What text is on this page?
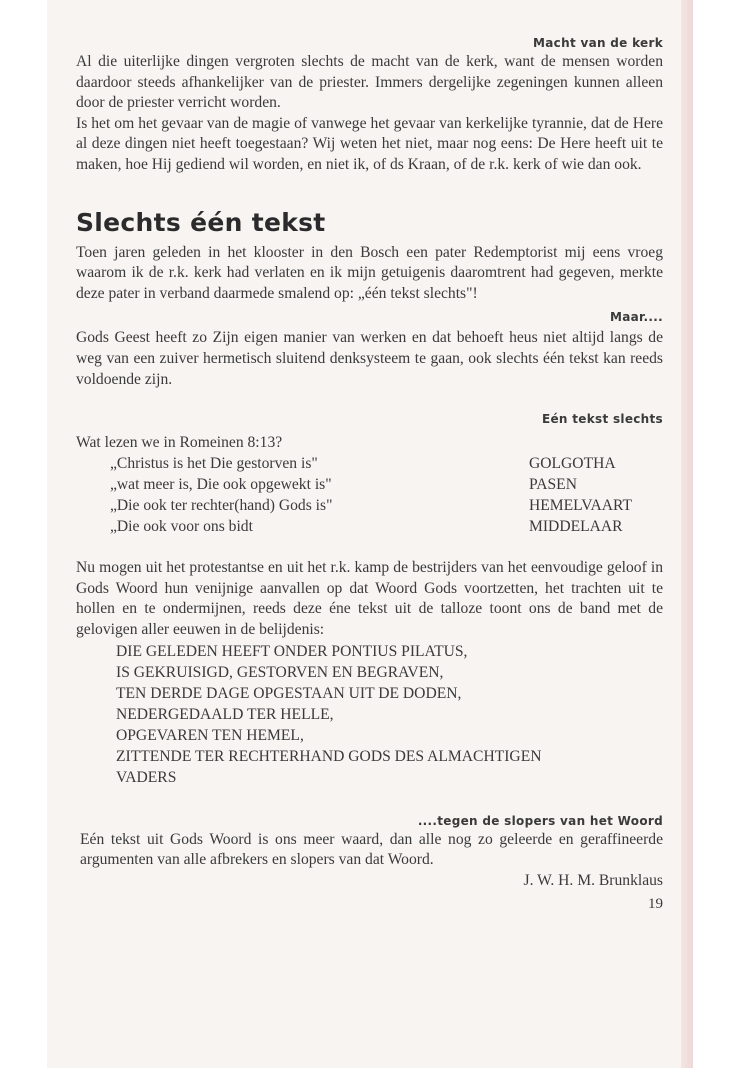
Macht van de kerk
Al die uiterlijke dingen vergroten slechts de macht van de kerk, want de mensen worden daardoor steeds afhankelijker van de priester. Immers dergelijke zegeningen kunnen alleen door de priester verricht worden.
Is het om het gevaar van de magie of vanwege het gevaar van kerkelijke tyrannie, dat de Here al deze dingen niet heeft toegestaan? Wij weten het niet, maar nog eens: De Here heeft uit te maken, hoe Hij gediend wil worden, en niet ik, of ds Kraan, of de r.k. kerk of wie dan ook.
Slechts één tekst
Toen jaren geleden in het klooster in den Bosch een pater Redemptorist mij eens vroeg waarom ik de r.k. kerk had verlaten en ik mijn getuigenis daaromtrent had gegeven, merkte deze pater in verband daarmede smalend op: „één tekst slechts"!
Maar....
Gods Geest heeft zo Zijn eigen manier van werken en dat behoeft heus niet altijd langs de weg van een zuiver hermetisch sluitend denksysteem te gaan, ook slechts één tekst kan reeds voldoende zijn.
Eén tekst slechts
Wat lezen we in Romeinen 8:13?
„Christus is het Die gestorven is"
„wat meer is, Die ook opgewekt is"
„Die ook ter rechter(hand) Gods is"
„Die ook voor ons bidt

GOLGOTHA
PASEN
HEMELVAART
MIDDELAAR
Nu mogen uit het protestantse en uit het r.k. kamp de bestrijders van het eenvoudige geloof in Gods Woord hun venijnige aanvallen op dat Woord Gods voortzetten, het trachten uit te hollen en te ondermijnen, reeds deze éne tekst uit de talloze toont ons de band met de gelovigen aller eeuwen in de belijdenis:
DIE GELEDEN HEEFT ONDER PONTIUS PILATUS,
IS GEKRUISIGD, GESTORVEN EN BEGRAVEN,
TEN DERDE DAGE OPGESTAAN UIT DE DODEN,
NEDERGEDAALD TER HELLE,
OPGEVAREN TEN HEMEL,
ZITTENDE TER RECHTERHAND GODS DES ALMACHTIGEN
VADERS
....tegen de slopers van het Woord
Eén tekst uit Gods Woord is ons meer waard, dan alle nog zo geleerde en geraffineerde argumenten van alle afbrekers en slopers van dat Woord.
J. W. H. M. Brunklaus
19
